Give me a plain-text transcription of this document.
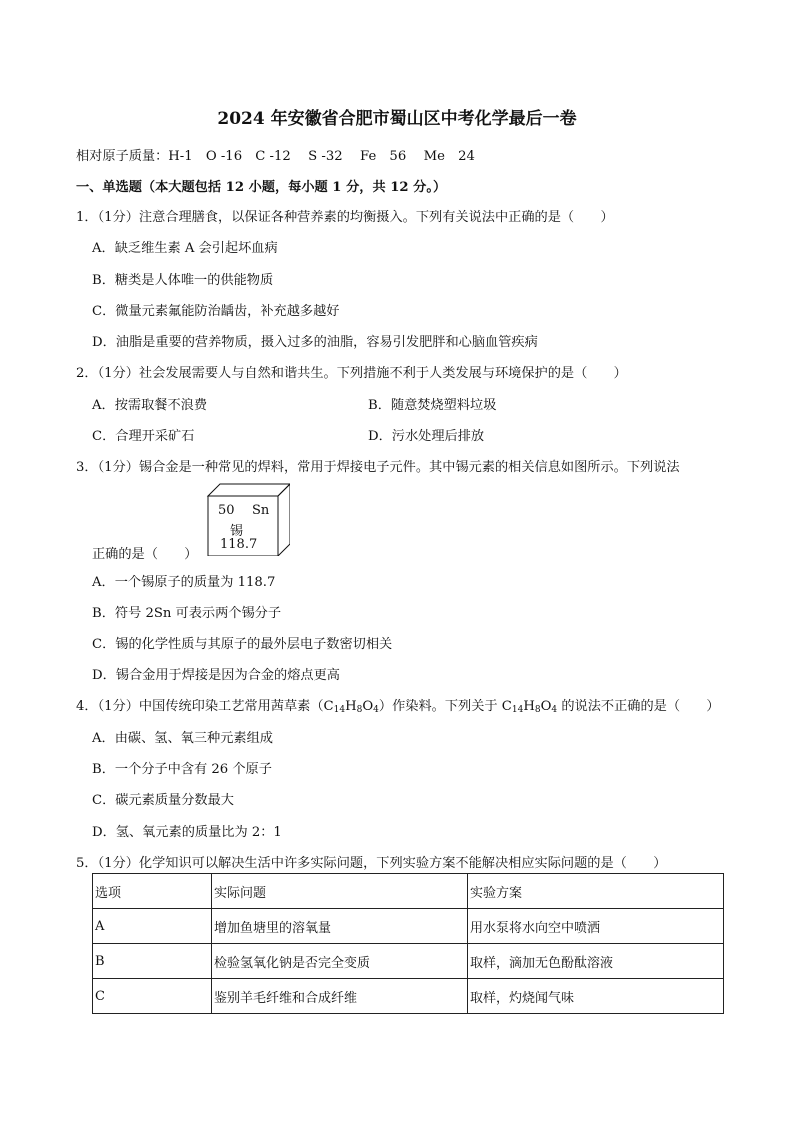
2024 年安徽省合肥市蜀山区中考化学最后一卷
相对原子质量：H-1　O -16　C -12　 S -32　 Fe　56　 Me　24
一、单选题（本大题包括 12 小题，每小题 1 分，共 12 分。）
1．（1分）注意合理膳食，以保证各种营养素的均衡摄入。下列有关说法中正确的是（　　）
A．缺乏维生素 A 会引起坏血病
B．糖类是人体唯一的供能物质
C．微量元素氟能防治龋齿，补充越多越好
D．油脂是重要的营养物质，摄入过多的油脂，容易引发肥胖和心脑血管疾病
2．（1分）社会发展需要人与自然和谐共生。下列措施不利于人类发展与环境保护的是（　　）
A．按需取餐不浪费	B．随意焚烧塑料垃圾
C．合理开采矿石	D．污水处理后排放
3．（1分）锡合金是一种常见的焊料，常用于焊接电子元件。其中锡元素的相关信息如图所示。下列说法
50 Sn
锡
118.7
正确的是（　　）
A．一个锡原子的质量为 118.7
B．符号 2Sn 可表示两个锡分子
C．锡的化学性质与其原子的最外层电子数密切相关
D．锡合金用于焊接是因为合金的熔点更高
4．（1分）中国传统印染工艺常用茜草素$(C_{14}H_8O_4)$作染料。下列关于 $C_{14}H_8O_4$ 的说法不正确的是（　　）
A．由碳、氢、氧三种元素组成
B．一个分子中含有 26 个原子
C．碳元素质量分数最大
D．氢、氧元素的质量比为 2：1
5．（1分）化学知识可以解决生活中许多实际问题，下列实验方案不能解决相应实际问题的是（　　）
选项	实际问题	实验方案
A	增加鱼塘里的溶氧量	用水泵将水向空中喷洒
B	检验氢氧化钠是否完全变质	取样，滴加无色酚酞溶液
C	鉴别羊毛纤维和合成纤维	取样，灼烧闻气味
